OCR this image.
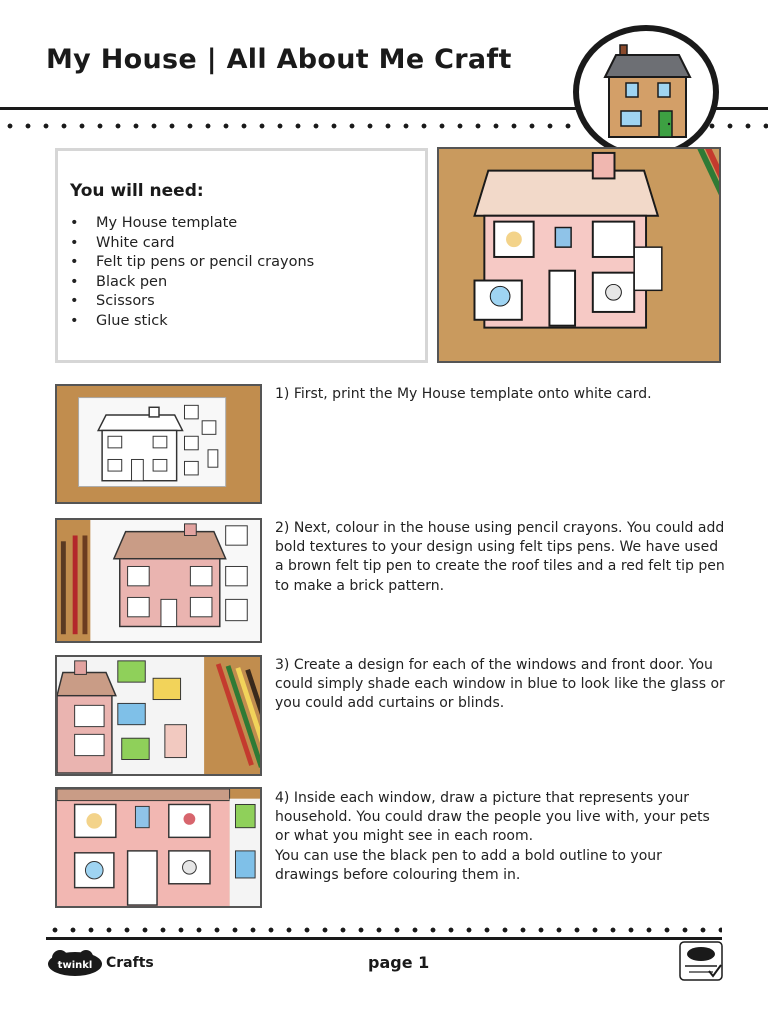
My House | All About Me Craft
You will need:
•	My House template
•	White card
•	Felt tip pens or pencil crayons
•	Black pen
•	Scissors
•	Glue stick
1) First, print the My House template onto white card.
2) Next, colour in the house using pencil crayons. You could add bold textures to your design using felt tips pens. We have used a brown felt tip pen to create the roof tiles and a red felt tip pen to make a brick pattern.
3) Create a design for each of the windows and front door. You could simply shade each window in blue to look like the glass or you could add curtains or blinds.
4) Inside each window, draw a picture that represents your household. You could draw the people you live with, your pets or what you might see in each room.
You can use the black pen to add a bold outline to your drawings before colouring them in.
twinkl Crafts	page 1
